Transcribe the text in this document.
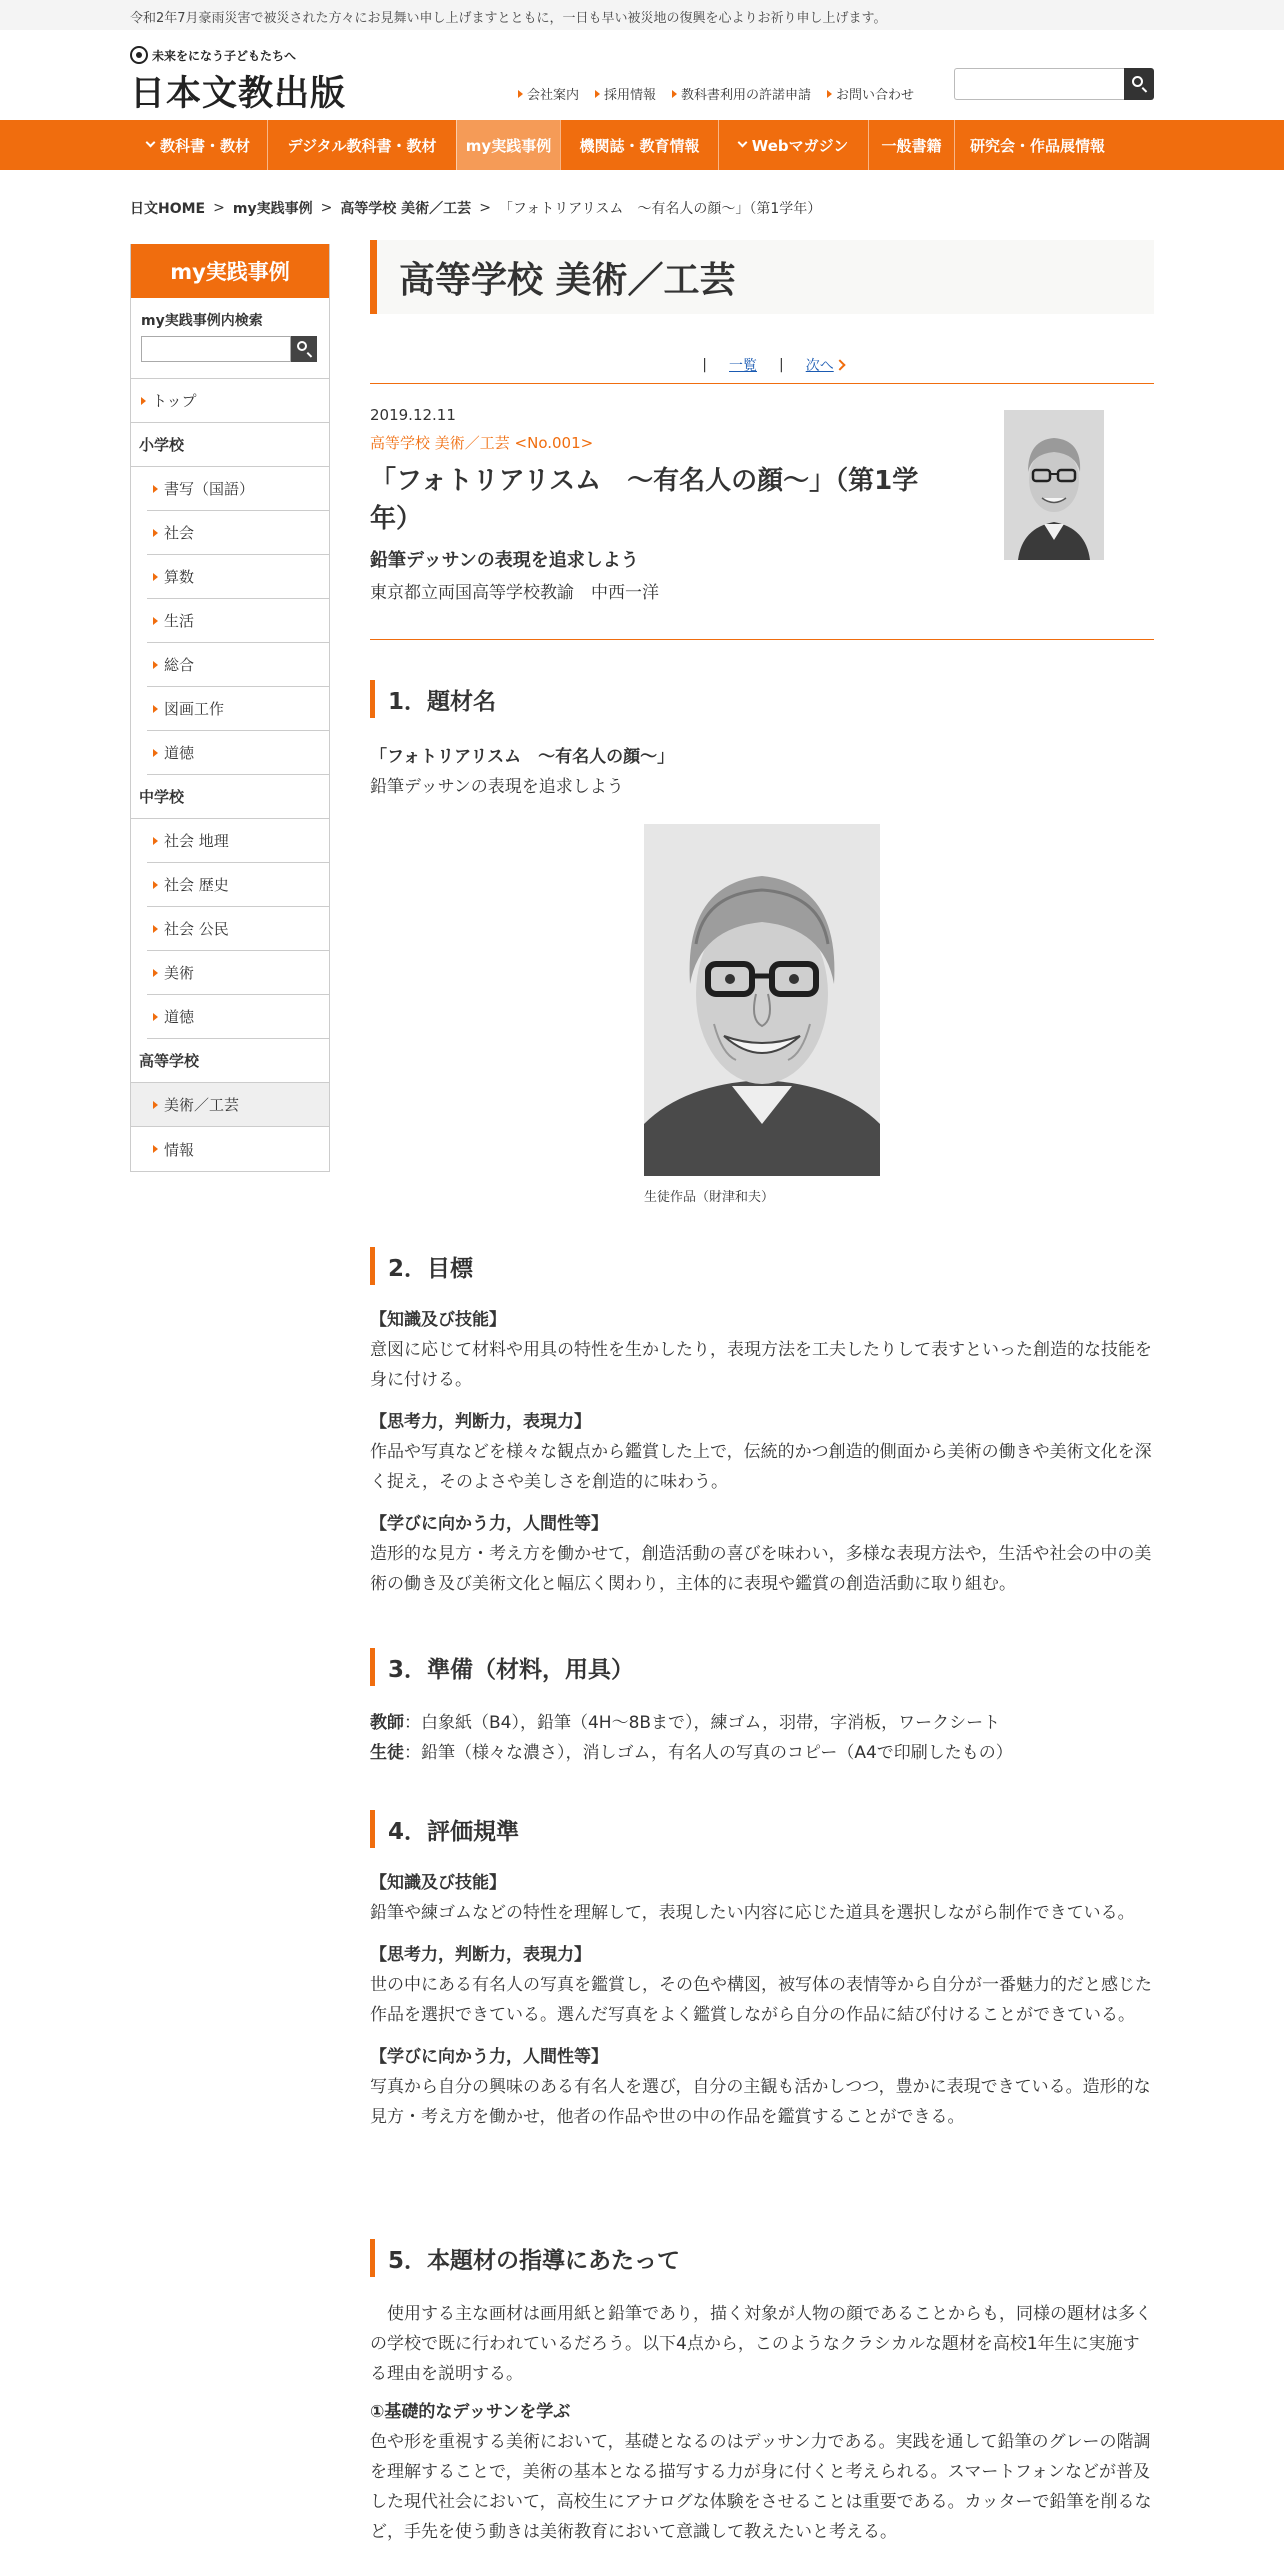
令和2年7月豪雨災害で被災された方々にお見舞い申し上げますとともに，一日も早い被災地の復興を心よりお祈り申し上げます。
未来をになう子どもたちへ
日本文教出版	会社案内 採用情報 教科書利用の許諾申請 お問い合わせ
教科書・教材 デジタル教科書・教材 my実践事例 機関誌・教育情報	Webマガジン 一般書籍 研究会・作品展情報
日文HOME > my実践事例 > 高等学校 美術／工芸 > 「フォトリアリスム　～有名人の顔～」（第1学年）
my実践事例
my実践事例内検索
トップ
小学校
書写（国語）
社会
算数
生活
総合
図画工作
道徳
中学校
社会 地理
社会 歴史
社会 公民
美術
道徳
高等学校
美術／工芸
情報
高等学校 美術／工芸
| 一覧 | 次へ
2019.12.11
高等学校 美術／工芸 <No.001>
「フォトリアリスム　～有名人の顔～」（第1学年）
鉛筆デッサンの表現を追求しよう
東京都立両国高等学校教諭　中西一洋
1．題材名
「フォトリアリスム　～有名人の顔～」

鉛筆デッサンの表現を追求しよう

生徒作品（財津和夫）
2．目標
【知識及び技能】

意図に応じて材料や用具の特性を生かしたり，表現方法を工夫したりして表すといった創造的な技能を身に付ける。

【思考力，判断力，表現力】

作品や写真などを様々な観点から鑑賞した上で，伝統的かつ創造的側面から美術の働きや美術文化を深く捉え，そのよさや美しさを創造的に味わう。

【学びに向かう力，人間性等】

造形的な見方・考え方を働かせて，創造活動の喜びを味わい，多様な表現方法や，生活や社会の中の美術の働き及び美術文化と幅広く関わり，主体的に表現や鑑賞の創造活動に取り組む。

3．準備（材料，用具）

教師：白象紙（B4），鉛筆（4H～8Bまで），練ゴム，羽帯，字消板，ワークシート

生徒：鉛筆（様々な濃さ），消しゴム，有名人の写真のコピー（A4で印刷したもの）

4．評価規準
【知識及び技能】

鉛筆や練ゴムなどの特性を理解して，表現したい内容に応じた道具を選択しながら制作できている。

【思考力，判断力，表現力】

世の中にある有名人の写真を鑑賞し，その色や構図，被写体の表情等から自分が一番魅力的だと感じた作品を選択できている。選んだ写真をよく鑑賞しながら自分の作品に結び付けることができている。

【学びに向かう力，人間性等】

写真から自分の興味のある有名人を選び，自分の主観も活かしつつ，豊かに表現できている。造形的な見方・考え方を働かせ，他者の作品や世の中の作品を鑑賞することができる。

5．本題材の指導にあたって

　使用する主な画材は画用紙と鉛筆であり，描く対象が人物の顔であることからも，同様の題材は多くの学校で既に行われているだろう。以下4点から，このようなクラシカルな題材を高校1年生に実施する理由を説明する。

①基礎的なデッサンを学ぶ

色や形を重視する美術において，基礎となるのはデッサン力である。実践を通して鉛筆のグレーの階調を理解することで，美術の基本となる描写する力が身に付くと考えられる。スマートフォンなどが普及した現代社会において，高校生にアナログな体験をさせることは重要である。カッターで鉛筆を削るなど，手先を使う動きは美術教育において意識して教えたいと考える。
